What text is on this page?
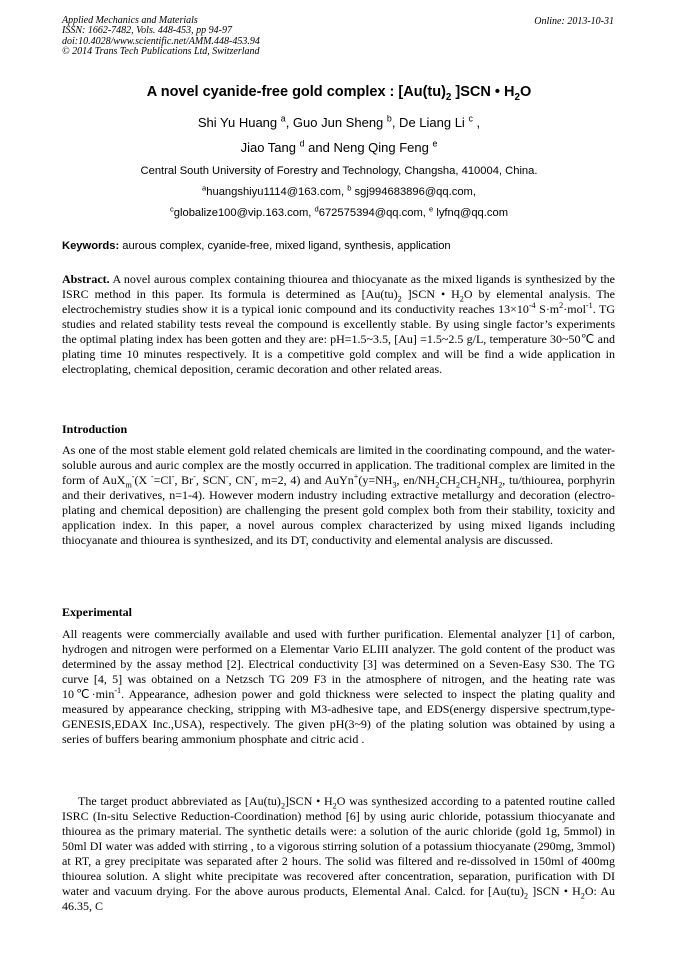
Applied Mechanics and Materials
ISSN: 1662-7482, Vols. 448-453, pp 94-97
doi:10.4028/www.scientific.net/AMM.448-453.94
© 2014 Trans Tech Publications Ltd, Switzerland
Online: 2013-10-31
A novel cyanide-free gold complex : [$Au(tu)_2$ ]SCN • $H_2O$
Shi Yu Huang $^a$, Guo Jun Sheng $^b$, De Liang Li $^c$ ,
Jiao Tang $^d$ and Neng Qing Feng $^e$
Central South University of Forestry and Technology, Changsha, 410004, China.
$^a$huangshiyu1114@163.com, $^b$ sgj994683896@qq.com,
$^c$globalize100@vip.163.com, $^d$672575394@qq.com, $^e$ lyfnq@qq.com
Keywords: aurous complex, cyanide-free, mixed ligand, synthesis, application
Abstract. A novel aurous complex containing thiourea and thiocyanate as the mixed ligands is synthesized by the ISRC method in this paper. Its formula is determined as [$Au(tu)_2$ ]SCN • $H_2O$ by elemental analysis. The electrochemistry studies show it is a typical ionic compound and its conductivity reaches $13\times 10^{-4}$ $S\cdot m^2\cdot mol^{-1}$. TG studies and related stability tests reveal the compound is excellently stable. By using single factor’s experiments the optimal plating index has been gotten and they are: pH=1.5~3.5, [Au] =1.5~2.5 g/L, temperature 30~50℃ and plating time 10 minutes respectively. It is a competitive gold complex and will be find a wide application in electroplating, chemical deposition, ceramic decoration and other related areas.
Introduction
As one of the most stable element gold related chemicals are limited in the coordinating compound, and the water-soluble aurous and auric complex are the mostly occurred in application. The traditional complex are limited in the form of AuX$_m$-(X -=Cl-, Br-, SCN-, CN-, m=2, 4) and $AuYn^+(y=NH_3$, $en/NH_2CH_2CH_2NH_2$, tu/thiourea, porphyrin and their derivatives, n=1-4). However modern industry including extractive metallurgy and decoration (electro-plating and chemical deposition) are challenging the present gold complex both from their stability, toxicity and application index. In this paper, a novel aurous complex characterized by using mixed ligands including thiocyanate and thiourea is synthesized, and its DT, conductivity and elemental analysis are discussed.
Experimental
All reagents were commercially available and used with further purification. Elemental analyzer [1] of carbon, hydrogen and nitrogen were performed on a Elementar Vario ELIII analyzer. The gold content of the product was determined by the assay method [2]. Electrical conductivity [3] was determined on a Seven-Easy S30. The TG curve [4, 5] was obtained on a Netzsch TG 209 F3 in the atmosphere of nitrogen, and the heating rate was $10℃\cdot\min^{-1}$. Appearance, adhesion power and gold thickness were selected to inspect the plating quality and measured by appearance checking, stripping with M3-adhesive tape, and EDS(energy dispersive spectrum,type-GENESIS,EDAX Inc.,USA), respectively. The given pH(3~9) of the plating solution was obtained by using a series of buffers bearing ammonium phosphate and citric acid .
The target product abbreviated as $[Au(tu)_2]SCN$ • $H_2O$ was synthesized according to a patented routine called ISRC (In-situ Selective Reduction-Coordination) method [6] by using auric chloride, potassium thiocyanate and thiourea as the primary material. The synthetic details were: a solution of the auric chloride (gold 1g, 5mmol) in 50ml DI water was added with stirring , to a vigorous stirring solution of a potassium thiocyanate (290mg, 3mmol) at RT, a grey precipitate was separated after 2 hours. The solid was filtered and re-dissolved in 150ml of 400mg thiourea solution. A slight white precipitate was recovered after concentration, separation, purification with DI water and vacuum drying. For the above aurous products, Elemental Anal. Calcd. for [$Au(tu)_2$ ]SCN • $H_2O$: Au 46.35, C
